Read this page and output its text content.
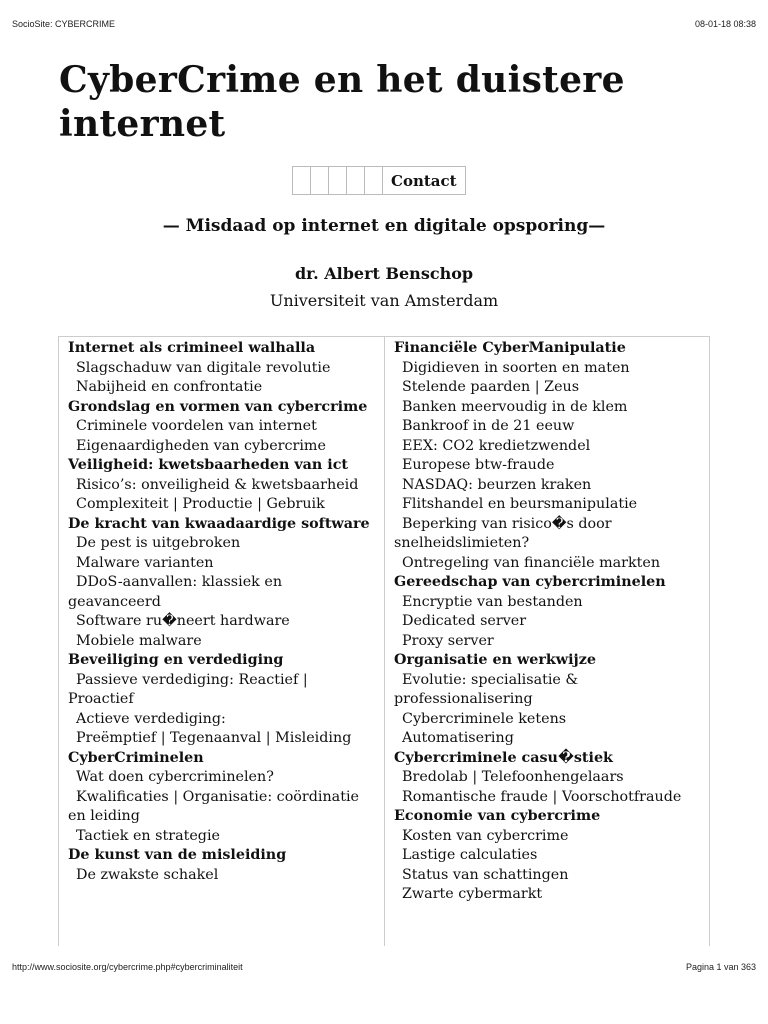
SocioSite: CYBERCRIME	08-01-18 08:38
CyberCrime en het duistere internet
					Contact
— Misdaad op internet en digitale opsporing—
dr. Albert Benschop
Universiteit van Amsterdam
Internet als crimineel walhalla
Slagschaduw van digitale revolutie
Nabijheid en confrontatie
Grondslag en vormen van cybercrime
Criminele voordelen van internet
Eigenaardigheden van cybercrime
Veiligheid: kwetsbaarheden van ict
Risico’s: onveiligheid & kwetsbaarheid
Complexiteit | Productie | Gebruik
De kracht van kwaadaardige software
De pest is uitgebroken
Malware varianten
DDoS-aanvallen: klassiek en geavanceerd
Software ru�neert hardware
Mobiele malware
Beveiliging en verdediging
Passieve verdediging: Reactief | Proactief
Actieve verdediging:
Preëmptief | Tegenaanval | Misleiding
CyberCriminelen
Wat doen cybercriminelen?
Kwalificaties | Organisatie: coördinatie en leiding
Tactiek en strategie
De kunst van de misleiding
De zwakste schakel
Financiële CyberManipulatie
Digidieven in soorten en maten
Stelende paarden | Zeus
Banken meervoudig in de klem
Bankroof in de 21 eeuw
EEX: CO2 kredietzwendel
Europese btw-fraude
NASDAQ: beurzen kraken
Flitshandel en beursmanipulatie
Beperking van risico�s door snelheidslimieten?
Ontregeling van financiële markten
Gereedschap van cybercriminelen
Encryptie van bestanden
Dedicated server
Proxy server
Organisatie en werkwijze
Evolutie: specialisatie & professionalisering
Cybercriminele ketens
Automatisering
Cybercriminele casu�stiek
Bredolab | Telefoonhengelaars
Romantische fraude | Voorschotfraude
Economie van cybercrime
Kosten van cybercrime
Lastige calculaties
Status van schattingen
Zwarte cybermarkt
http://www.sociosite.org/cybercrime.php#cybercriminaliteit	Pagina 1 van 363
